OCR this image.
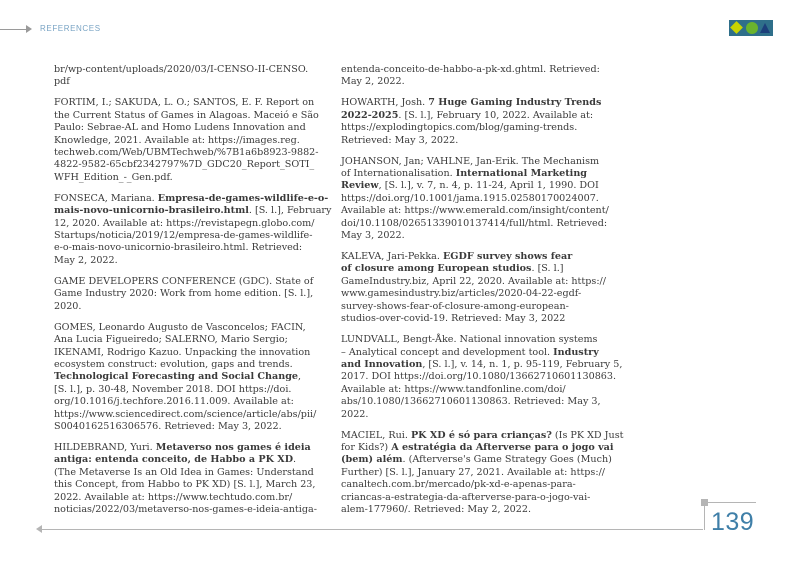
REFERENCES
br/wp-content/uploads/2020/03/I-CENSO-II-CENSO.
pdf
FORTIM, I.; SAKUDA, L. O.; SANTOS, E. F. Report on
the Current Status of Games in Alagoas. Maceió e São
Paulo: Sebrae-AL and Homo Ludens Innovation and
Knowledge, 2021. Available at: https://images.reg.
techweb.com/Web/UBMTechweb/%7B1a6b8923-9882-
4822-9582-65cbf2342797%7D_GDC20_Report_SOTI_
WFH_Edition_-_Gen.pdf.
FONSECA, Mariana. Empresa-de-games-wildlife-e-o-
mais-novo-unicornio-brasileiro.html. [S. l.], February
12, 2020. Available at: https://revistapegn.globo.com/
Startups/noticia/2019/12/empresa-de-games-wildlife-
e-o-mais-novo-unicornio-brasileiro.html. Retrieved:
May 2, 2022.
GAME DEVELOPERS CONFERENCE (GDC). State of
Game Industry 2020: Work from home edition. [S. l.],
2020.
GOMES, Leonardo Augusto de Vasconcelos; FACIN,
Ana Lucia Figueiredo; SALERNO, Mario Sergio;
IKENAMI, Rodrigo Kazuo. Unpacking the innovation
ecosystem construct: evolution, gaps and trends.
Technological Forecasting and Social Change,
[S. l.], p. 30-48, November 2018. DOI https://doi.
org/10.1016/j.techfore.2016.11.009. Available at:
https://www.sciencedirect.com/science/article/abs/pii/
S0040162516306576. Retrieved: May 3, 2022.
HILDEBRAND, Yuri. Metaverso nos games é ideia
antiga: entenda conceito, de Habbo a PK XD.
(The Metaverse Is an Old Idea in Games: Understand
this Concept, from Habbo to PK XD) [S. l.], March 23,
2022. Available at: https://www.techtudo.com.br/
noticias/2022/03/metaverso-nos-games-e-ideia-antiga-
entenda-conceito-de-habbo-a-pk-xd.ghtml. Retrieved:
May 2, 2022.
HOWARTH, Josh. 7 Huge Gaming Industry Trends
2022-2025. [S. l.], February 10, 2022. Available at:
https://explodingtopics.com/blog/gaming-trends.
Retrieved: May 3, 2022.
JOHANSON, Jan; VAHLNE, Jan-Erik. The Mechanism
of Internationalisation. International Marketing
Review, [S. l.], v. 7, n. 4, p. 11-24, April 1, 1990. DOI
https://doi.org/10.1001/jama.1915.02580170024007.
Available at: https://www.emerald.com/insight/content/
doi/10.1108/02651339010137414/full/html. Retrieved:
May 3, 2022.
KALEVA, Jari-Pekka. EGDF survey shows fear
of closure among European studios. [S. l.]
GameIndustry.biz, April 22, 2020. Available at: https://
www.gamesindustry.biz/articles/2020-04-22-egdf-
survey-shows-fear-of-closure-among-european-
studios-over-covid-19. Retrieved: May 3, 2022
LUNDVALL, Bengt-Åke. National innovation systems
– Analytical concept and development tool. Industry
and Innovation, [S. l.], v. 14, n. 1, p. 95-119, February 5,
2017. DOI https://doi.org/10.1080/13662710601130863.
Available at: https://www.tandfonline.com/doi/
abs/10.1080/13662710601130863. Retrieved: May 3,
2022.
MACIEL, Rui. PK XD é só para crianças? (Is PK XD Just
for Kids?) A estratégia da Afterverse para o jogo vai
(bem) além. (Afterverse's Game Strategy Goes (Much)
Further) [S. l.], January 27, 2021. Available at: https://
canaltech.com.br/mercado/pk-xd-e-apenas-para-
criancas-a-estrategia-da-afterverse-para-o-jogo-vai-
alem-177960/. Retrieved: May 2, 2022.	139
